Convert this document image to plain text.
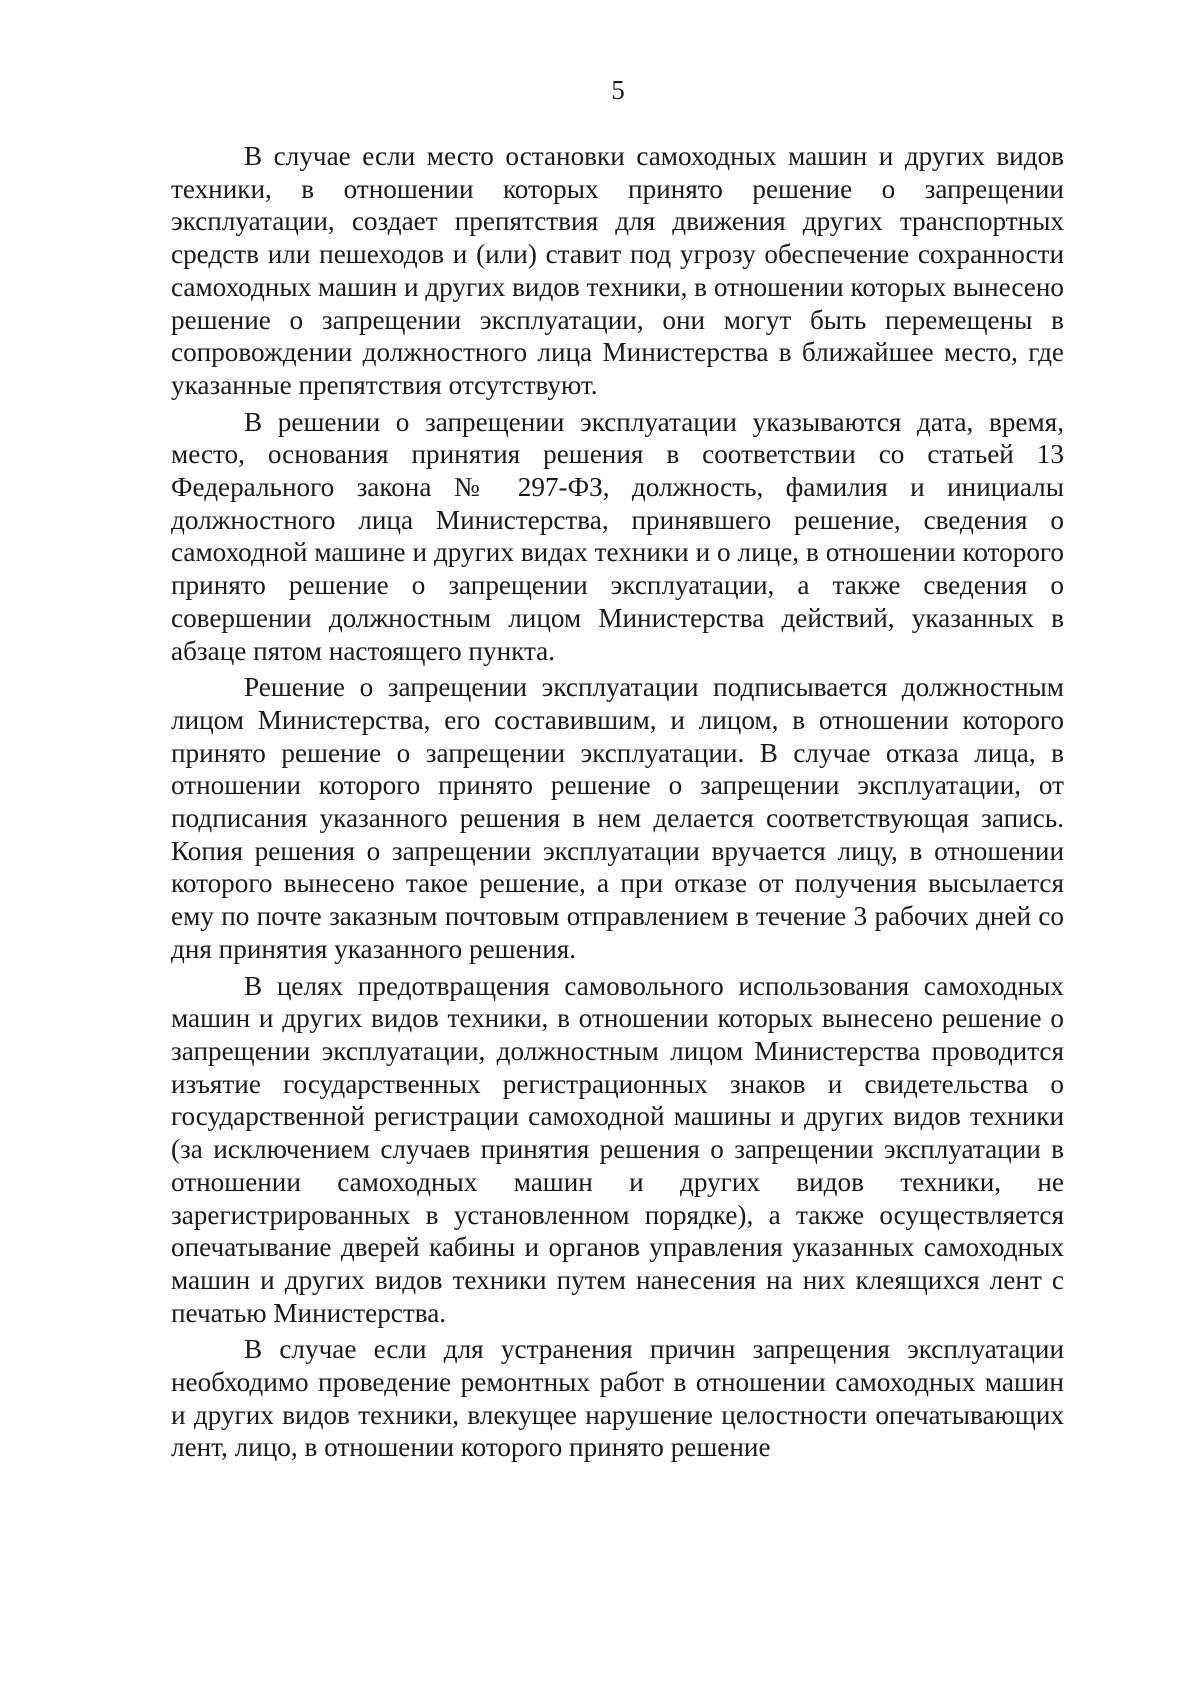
5

В случае если место остановки самоходных машин и других видов техники, в отношении которых принято решение о запрещении эксплуатации, создает препятствия для движения других транспортных средств или пешеходов и (или) ставит под угрозу обеспечение сохранности самоходных машин и других видов техники, в отношении которых вынесено решение о запрещении эксплуатации, они могут быть перемещены в сопровождении должностного лица Министерства в ближайшее место, где указанные препятствия отсутствуют.

В решении о запрещении эксплуатации указываются дата, время, место, основания принятия решения в соответствии со статьей 13 Федерального закона № 297-ФЗ, должность, фамилия и инициалы должностного лица Министерства, принявшего решение, сведения о самоходной машине и других видах техники и о лице, в отношении которого принято решение о запрещении эксплуатации, а также сведения о совершении должностным лицом Министерства действий, указанных в абзаце пятом настоящего пункта.

Решение о запрещении эксплуатации подписывается должностным лицом Министерства, его составившим, и лицом, в отношении которого принято решение о запрещении эксплуатации. В случае отказа лица, в отношении которого принято решение о запрещении эксплуатации, от подписания указанного решения в нем делается соответствующая запись. Копия решения о запрещении эксплуатации вручается лицу, в отношении которого вынесено такое решение, а при отказе от получения высылается ему по почте заказным почтовым отправлением в течение 3 рабочих дней со дня принятия указанного решения.

В целях предотвращения самовольного использования самоходных машин и других видов техники, в отношении которых вынесено решение о запрещении эксплуатации, должностным лицом Министерства проводится изъятие государственных регистрационных знаков и свидетельства о государственной регистрации самоходной машины и других видов техники (за исключением случаев принятия решения о запрещении эксплуатации в отношении самоходных машин и других видов техники, не зарегистрированных в установленном порядке), а также осуществляется опечатывание дверей кабины и органов управления указанных самоходных машин и других видов техники путем нанесения на них клеящихся лент с печатью Министерства.

В случае если для устранения причин запрещения эксплуатации необходимо проведение ремонтных работ в отношении самоходных машин и других видов техники, влекущее нарушение целостности опечатывающих лент, лицо, в отношении которого принято решение
